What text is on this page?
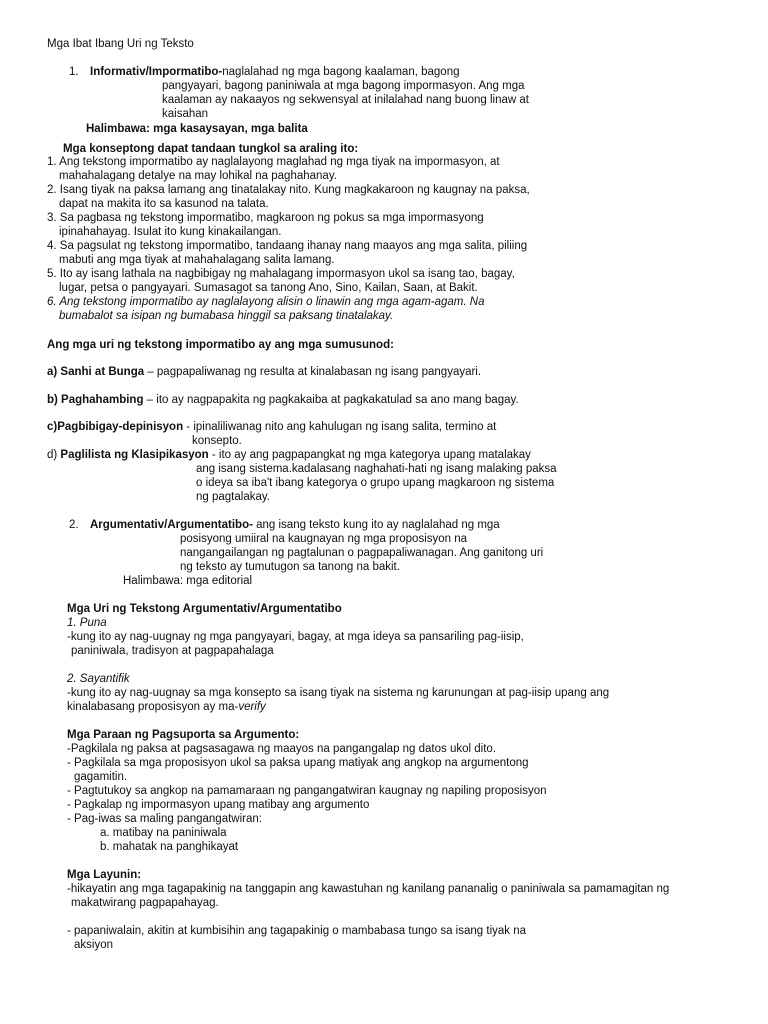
Mga Ibat Ibang Uri ng Teksto
1. Informativ/Impormatibo-naglalahad ng mga bagong kaalaman, bagong
pangyayari, bagong paniniwala at mga bagong impormasyon. Ang mga
kaalaman ay nakaayos ng sekwensyal at inilalahad nang buong linaw at
kaisahan
Halimbawa: mga kasaysayan, mga balita
Mga konseptong dapat tandaan tungkol sa araling ito:
1. Ang tekstong impormatibo ay naglalayong maglahad ng mga tiyak na impormasyon, at
mahahalagang detalye na may lohikal na paghahanay.
2. Isang tiyak na paksa lamang ang tinatalakay nito. Kung magkakaroon ng kaugnay na paksa,
dapat na makita ito sa kasunod na talata.
3. Sa pagbasa ng tekstong impormatibo, magkaroon ng pokus sa mga impormasyong
ipinahahayag. Isulat ito kung kinakailangan.
4. Sa pagsulat ng tekstong impormatibo, tandaang ihanay nang maayos ang mga salita, piliing
mabuti ang mga tiyak at mahahalagang salita lamang.
5. Ito ay isang lathala na nagbibigay ng mahalagang impormasyon ukol sa isang tao, bagay,
lugar, petsa o pangyayari. Sumasagot sa tanong Ano, Sino, Kailan, Saan, at Bakit.
6. Ang tekstong impormatibo ay naglalayong alisin o linawin ang mga agam-agam. Na
bumabalot sa isipan ng bumabasa hinggil sa paksang tinatalakay.
Ang mga uri ng tekstong impormatibo ay ang mga sumusunod:
a) Sanhi at Bunga – pagpapaliwanag ng resulta at kinalabasan ng isang pangyayari.
b) Paghahambing – ito ay nagpapakita ng pagkakaiba at pagkakatulad sa ano mang bagay.
c)Pagbibigay-depinisyon - ipinaliliwanag nito ang kahulugan ng isang salita, termino at
konsepto.
d) Paglilista ng Klasipikasyon - ito ay ang pagpapangkat ng mga kategorya upang matalakay
ang isang sistema.kadalasang naghahati-hati ng isang malaking paksa
o ideya sa iba't ibang kategorya o grupo upang magkaroon ng sistema
ng pagtalakay.
2. Argumentativ/Argumentatibo- ang isang teksto kung ito ay naglalahad ng mga
posisyong umiiral na kaugnayan ng mga proposisyon na
nangangailangan ng pagtalunan o pagpapaliwanagan. Ang ganitong uri
ng teksto ay tumutugon sa tanong na bakit.
Halimbawa: mga editorial
Mga Uri ng Tekstong Argumentativ/Argumentatibo
1. Puna
-kung ito ay nag-uugnay ng mga pangyayari, bagay, at mga ideya sa pansariling pag-iisip,
paniniwala, tradisyon at pagpapahalaga
2. Sayantifik
-kung ito ay nag-uugnay sa mga konsepto sa isang tiyak na sistema ng karunungan at pag-iisip upang ang
kinalabasang proposisyon ay ma-verify
Mga Paraan ng Pagsuporta sa Argumento:
-Pagkilala ng paksa at pagsasagawa ng maayos na pangangalap ng datos ukol dito.
- Pagkilala sa mga proposisyon ukol sa paksa upang matiyak ang angkop na argumentong
gagamitin.
- Pagtutukoy sa angkop na pamamaraan ng pangangatwiran kaugnay ng napiling proposisyon
- Pagkalap ng impormasyon upang matibay ang argumento
- Pag-iwas sa maling pangangatwiran:
a. matibay na paniniwala
b. mahatak na panghikayat
Mga Layunin:
-hikayatin ang mga tagapakinig na tanggapin ang kawastuhan ng kanilang pananalig o paniniwala sa pamamagitan ng
makatwirang pagpapahayag.
- papaniwalain, akitin at kumbisihin ang tagapakinig o mambabasa tungo sa isang tiyak na
aksiyon
